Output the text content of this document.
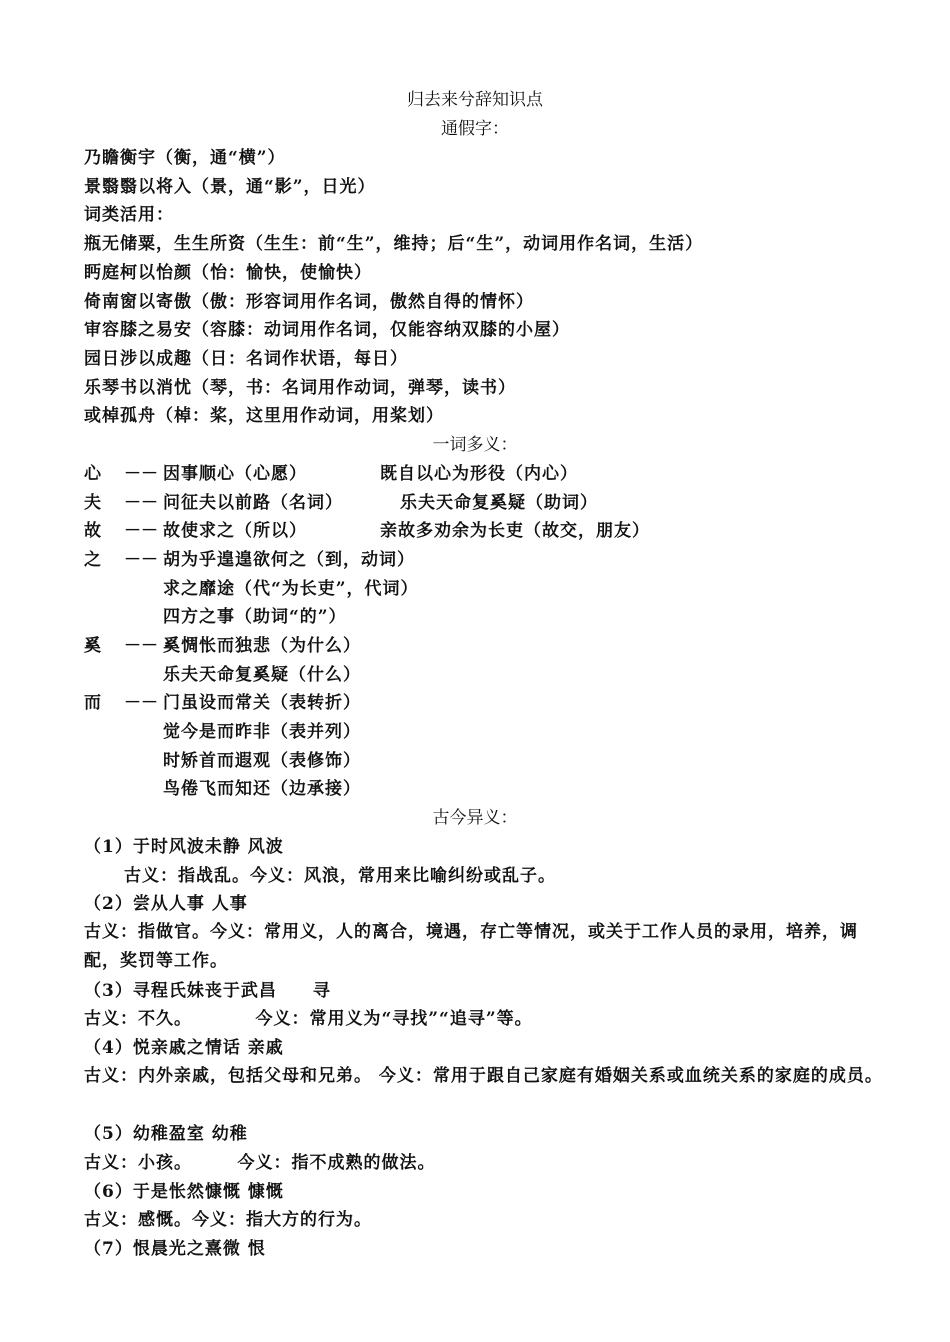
归去来兮辞知识点
通假字：
乃瞻衡宇（衡，通“横”）
景翳翳以将入（景，通“影”，日光）
词类活用：
瓶无储粟，生生所资（生生：前“生”，维持；后“生”，动词用作名词，生活）
眄庭柯以怡颜（怡：愉快，使愉快）
倚南窗以寄傲（傲：形容词用作名词，傲然自得的情怀）
审容膝之易安（容膝：动词用作名词，仅能容纳双膝的小屋）
园日涉以成趣（日：名词作状语，每日）
乐琴书以消忧（琴，书：名词用作动词，弹琴，读书）
或棹孤舟（棹：桨，这里用作动词，用桨划）
一词多义：
心 －－ 因事顺心（心愿）	既自以心为形役（内心）
夫 －－ 问征夫以前路（名词）	乐夫天命复奚疑（助词）
故 －－ 故使求之（所以）	亲故多劝余为长吏（故交，朋友）
之 －－ 胡为乎遑遑欲何之（到，动词）
求之靡途（代“为长吏”，代词）
四方之事（助词“的”）
奚 －－ 奚惆怅而独悲（为什么）
乐夫天命复奚疑（什么）
而 －－ 门虽设而常关（表转折）
觉今是而昨非（表并列）
时矫首而遐观（表修饰）
鸟倦飞而知还（边承接）
古今异义：
（1）于时风波未静 风波
古义：指战乱。今义：风浪，常用来比喻纠纷或乱子。
（2）尝从人事 人事
古义：指做官。今义：常用义，人的离合，境遇，存亡等情况，或关于工作人员的录用，培养，调配，奖罚等工作。
（3）寻程氏妹丧于武昌　　寻
古义：不久。　　　　今义：常用义为“寻找”“追寻”等。
（4）悦亲戚之情话 亲戚
古义：内外亲戚，包括父母和兄弟。 今义：常用于跟自己家庭有婚姻关系或血统关系的家庭的成员。
（5）幼稚盈室 幼稚
古义：小孩。　　　今义：指不成熟的做法。
（6）于是怅然慷慨 慷慨
古义：感慨。今义：指大方的行为。
（7）恨晨光之熹微 恨
